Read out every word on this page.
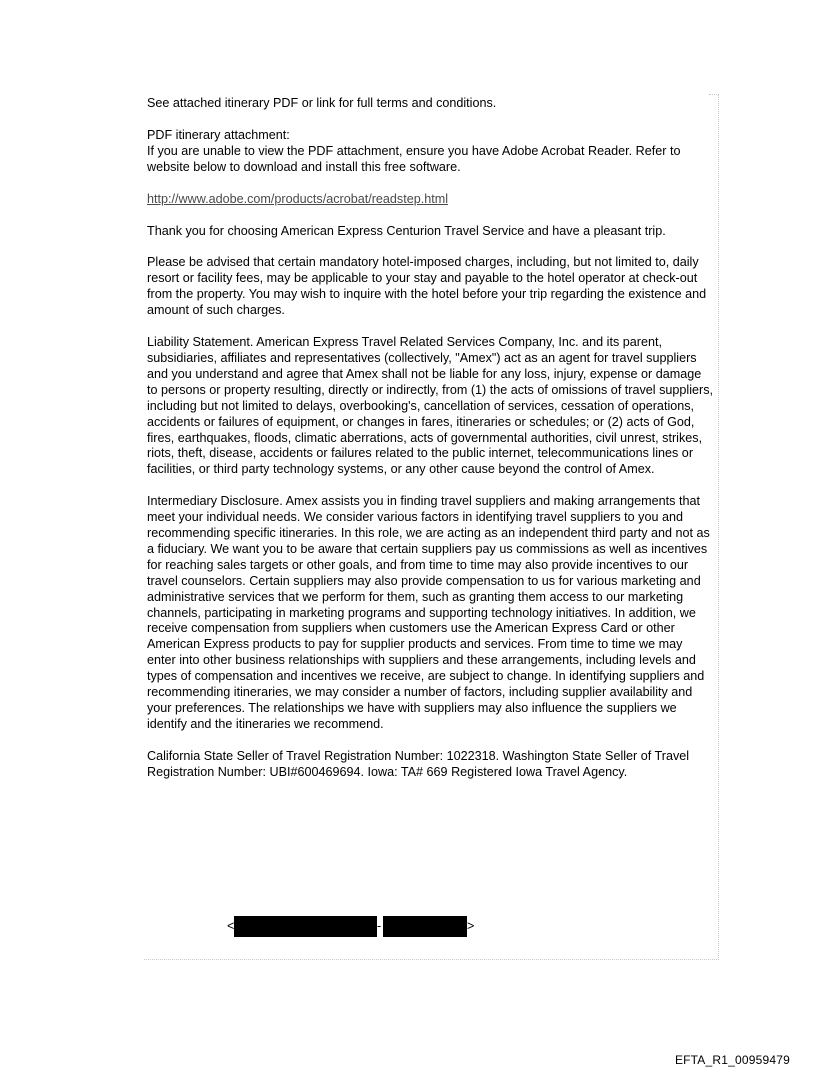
See attached itinerary PDF or link for full terms and conditions.

PDF itinerary attachment:
If you are unable to view the PDF attachment, ensure you have Adobe Acrobat Reader. Refer to website below to download and install this free software.

http://www.adobe.com/products/acrobat/readstep.html

Thank you for choosing American Express Centurion Travel Service and have a pleasant trip.

Please be advised that certain mandatory hotel-imposed charges, including, but not limited to, daily resort or facility fees, may be applicable to your stay and payable to the hotel operator at check-out from the property. You may wish to inquire with the hotel before your trip regarding the existence and amount of such charges.

Liability Statement. American Express Travel Related Services Company, Inc. and its parent, subsidiaries, affiliates and representatives (collectively, "Amex") act as an agent for travel suppliers and you understand and agree that Amex shall not be liable for any loss, injury, expense or damage to persons or property resulting, directly or indirectly, from (1) the acts of omissions of travel suppliers, including but not limited to delays, overbooking's, cancellation of services, cessation of operations, accidents or failures of equipment, or changes in fares, itineraries or schedules; or (2) acts of God, fires, earthquakes, floods, climatic aberrations, acts of governmental authorities, civil unrest, strikes, riots, theft, disease, accidents or failures related to the public internet, telecommunications lines or facilities, or third party technology systems, or any other cause beyond the control of Amex.

Intermediary Disclosure. Amex assists you in finding travel suppliers and making arrangements that meet your individual needs. We consider various factors in identifying travel suppliers to you and recommending specific itineraries. In this role, we are acting as an independent third party and not as a fiduciary. We want you to be aware that certain suppliers pay us commissions as well as incentives for reaching sales targets or other goals, and from time to time may also provide incentives to our travel counselors. Certain suppliers may also provide compensation to us for various marketing and administrative services that we perform for them, such as granting them access to our marketing channels, participating in marketing programs and supporting technology initiatives. In addition, we receive compensation from suppliers when customers use the American Express Card or other American Express products to pay for supplier products and services. From time to time we may enter into other business relationships with suppliers and these arrangements, including levels and types of compensation and incentives we receive, are subject to change. In identifying suppliers and recommending itineraries, we may consider a number of factors, including supplier availability and your preferences. The relationships we have with suppliers may also influence the suppliers we identify and the itineraries we recommend.

California State Seller of Travel Registration Number: 1022318. Washington State Seller of Travel Registration Number: UBI#600469694. Iowa: TA# 669 Registered Iowa Travel Agency.

<	-	>
EFTA_R1_00959479
